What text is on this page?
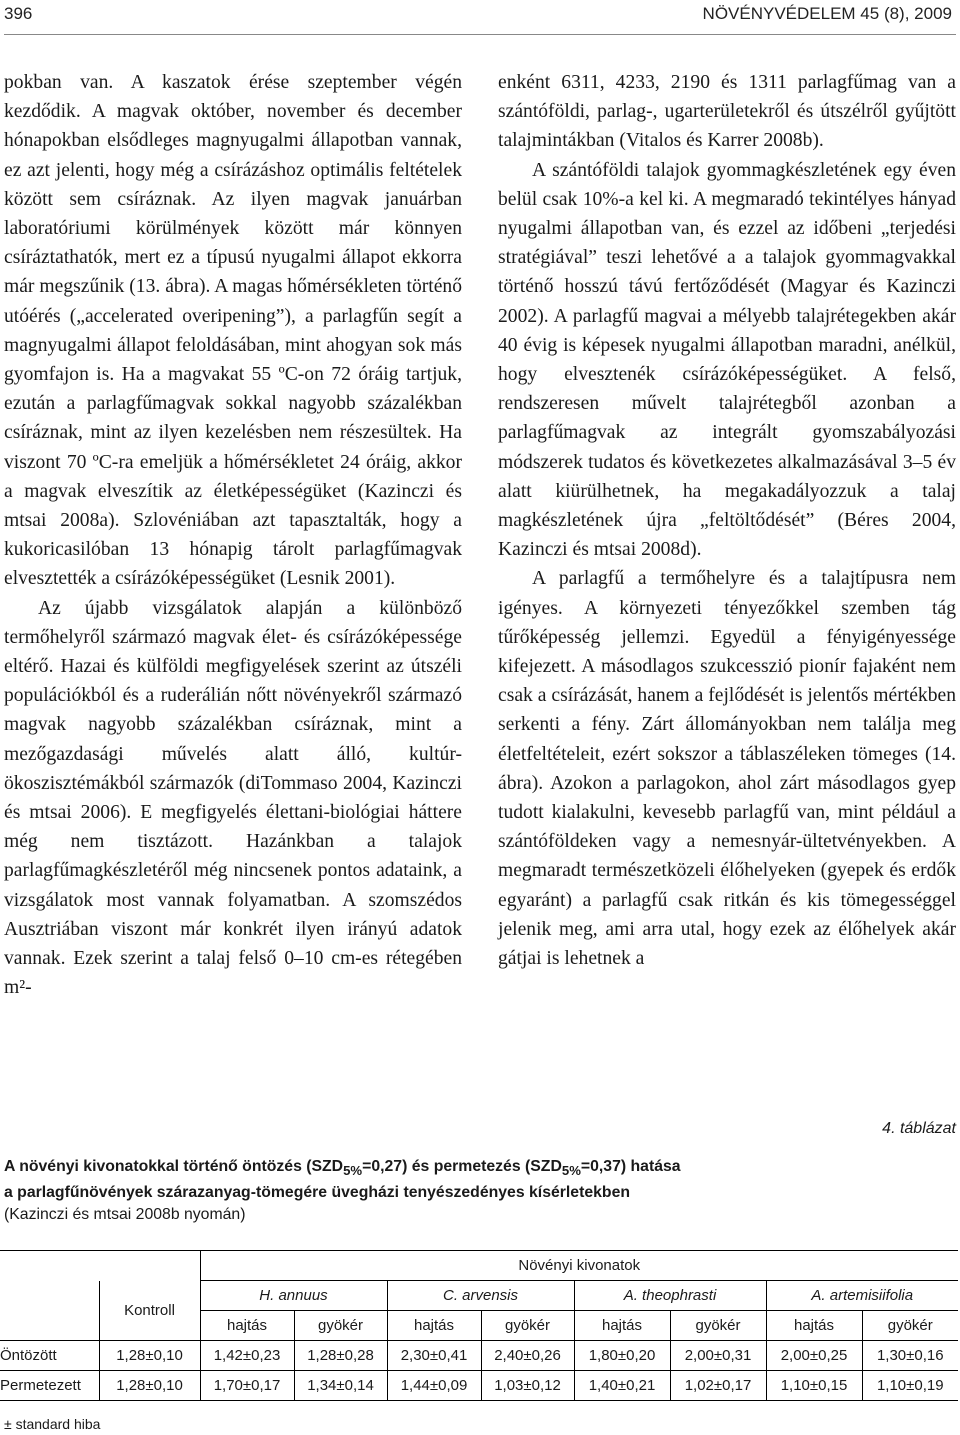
396	NÖVÉNYVÉDELEM 45 (8), 2009

pokban van. A kaszatok érése szeptember végén kezdődik. A magvak október, november és december hónapokban elsődleges magnyugalmi állapotban vannak, ez azt jelenti, hogy még a csírázáshoz optimális feltételek között sem csíráznak. Az ilyen magvak januárban laboratóriumi körülmények között már könnyen csíráztathatók, mert ez a típusú nyugalmi állapot ekkorra már megszűnik (13. ábra). A magas hőmérsékleten történő utóérés („accelerated overipening”), a parlagfűn segít a magnyugalmi állapot feloldásában, mint ahogyan sok más gyomfajon is. Ha a magvakat 55 ºC-on 72 óráig tartjuk, ezután a parlagfűmagvak sokkal nagyobb százalékban csíráznak, mint az ilyen kezelésben nem részesültek. Ha viszont 70 ºC-ra emeljük a hőmérsékletet 24 óráig, akkor a magvak elveszítik az életképességüket (Kazinczi és mtsai 2008a). Szlovéniában azt tapasztalták, hogy a kukoricasilóban 13 hónapig tárolt parlagfűmagvak elvesztették a csírázóképességüket (Lesnik 2001).

Az újabb vizsgálatok alapján a különböző termőhelyről származó magvak élet- és csírázóképessége eltérő. Hazai és külföldi megfigyelések szerint az útszéli populációkból és a ruderálián nőtt növényekről származó magvak nagyobb százalékban csíráznak, mint a mezőgazdasági művelés alatt álló, kultúr-ökoszisztémákból származók (diTommaso 2004, Kazinczi és mtsai 2006). E megfigyelés élettani-biológiai háttere még nem tisztázott. Hazánkban a talajok parlagfűmagkészletéről még nincsenek pontos adataink, a vizsgálatok most vannak folyamatban. A szomszédos Ausztriában viszont már konkrét ilyen irányú adatok vannak. Ezek szerint a talaj felső 0–10 cm-es rétegében m²-

enként 6311, 4233, 2190 és 1311 parlagfűmag van a szántóföldi, parlag-, ugarterületekről és útszélről gyűjtött talajmintákban (Vitalos és Karrer 2008b).

A szántóföldi talajok gyommagkészletének egy éven belül csak 10%-a kel ki. A megmaradó tekintélyes hányad nyugalmi állapotban van, és ezzel az időbeni „terjedési stratégiával” teszi lehetővé a a talajok gyommagvakkal történő hosszú távú fertőződését (Magyar és Kazinczi 2002). A parlagfű magvai a mélyebb talajrétegekben akár 40 évig is képesek nyugalmi állapotban maradni, anélkül, hogy elvesztenék csírázóképességüket. A felső, rendszeresen művelt talajrétegből azonban a parlagfűmagvak az integrált gyomszabályozási módszerek tudatos és következetes alkalmazásával 3–5 év alatt kiürülhetnek, ha megakadályozzuk a talaj magkészletének újra „feltöltődését” (Béres 2004, Kazinczi és mtsai 2008d).

A parlagfű a termőhelyre és a talajtípusra nem igényes. A környezeti tényezőkkel szemben tág tűrőképesség jellemzi. Egyedül a fényigényessége kifejezett. A másodlagos szukcesszió pionír fajaként nem csak a csírázását, hanem a fejlődését is jelentős mértékben serkenti a fény. Zárt állományokban nem találja meg életfeltételeit, ezért sokszor a táblaszéleken tömeges (14. ábra). Azokon a parlagokon, ahol zárt másodlagos gyep tudott kialakulni, kevesebb parlagfű van, mint például a szántóföldeken vagy a nemesnyár-ültetvényekben. A megmaradt természetközeli élőhelyeken (gyepek és erdők egyaránt) a parlagfű csak ritkán és kis tömegességgel jelenik meg, ami arra utal, hogy ezek az élőhelyek akár gátjai is lehetnek a

4. táblázat
A növényi kivonatokkal történő öntözés $(SZD_{5\%}=0,27)$ és permetezés $(SZD_{5\%}=0,37)$ hatása
a parlagfűnövények szárazanyag-tömegére üvegházi tenyészedényes kísérletekben
(Kazinczi és mtsai 2008b nyomán)
		Növényi kivonatok							
	Kontroll	H. annuus		C. arvensis		A. theophrasti		A. artemisiifolia	
		hajtás	gyökér	hajtás	gyökér	hajtás	gyökér	hajtás	gyökér
Öntözött	1,28±0,10	1,42±0,23	1,28±0,28	2,30±0,41	2,40±0,26	1,80±0,20	2,00±0,31	2,00±0,25	1,30±0,16
Permetezett	1,28±0,10	1,70±0,17	1,34±0,14	1,44±0,09	1,03±0,12	1,40±0,21	1,02±0,17	1,10±0,15	1,10±0,19
± standard hiba
